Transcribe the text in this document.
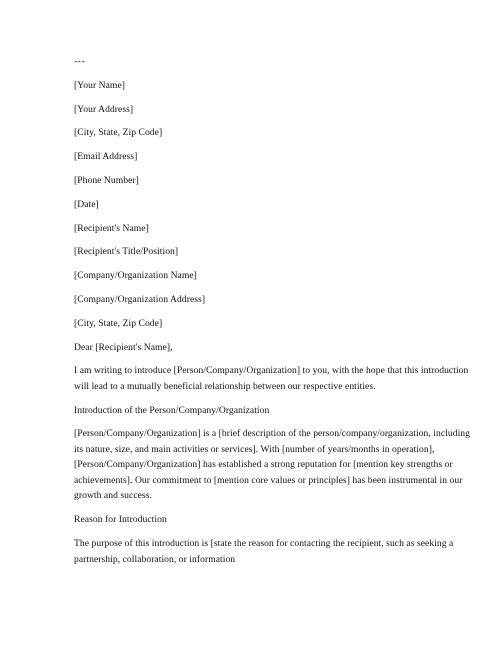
---
[Your Name]
[Your Address]
[City, State, Zip Code]
[Email Address]
[Phone Number]
[Date]
[Recipient's Name]
[Recipient's Title/Position]
[Company/Organization Name]
[Company/Organization Address]
[City, State, Zip Code]
Dear [Recipient's Name],
I am writing to introduce [Person/Company/Organization] to you, with the hope that this introduction will lead to a mutually beneficial relationship between our respective entities.
Introduction of the Person/Company/Organization
[Person/Company/Organization] is a [brief description of the person/company/organization, including its nature, size, and main activities or services]. With [number of years/months in operation], [Person/Company/Organization] has established a strong reputation for [mention key strengths or achievements]. Our commitment to [mention core values or principles] has been instrumental in our growth and success.
Reason for Introduction
The purpose of this introduction is [state the reason for contacting the recipient, such as seeking a partnership, collaboration, or information
